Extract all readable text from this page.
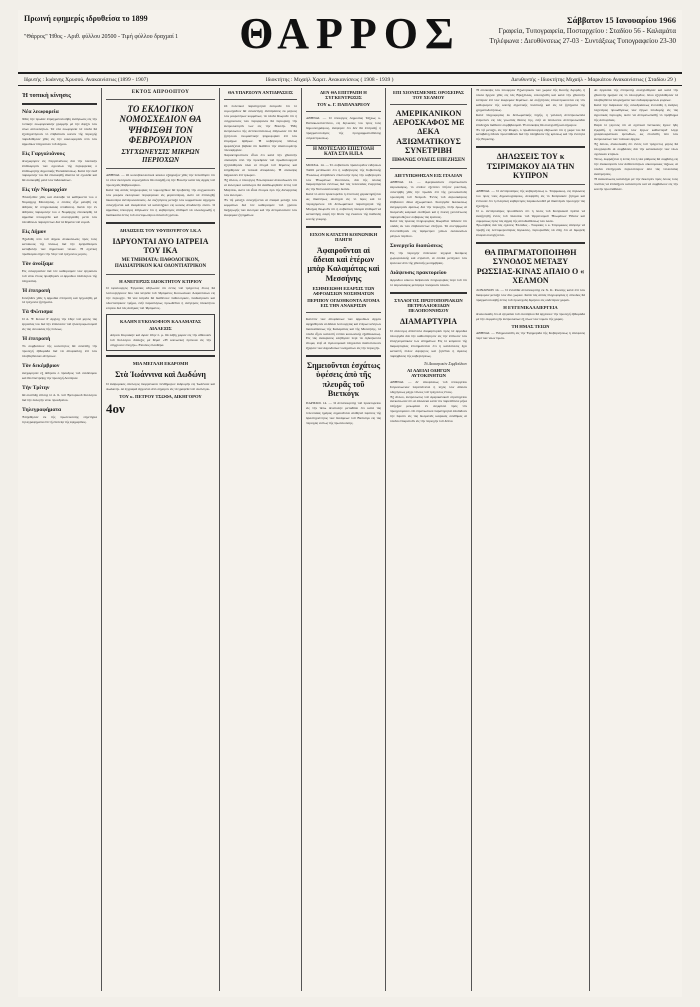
Πρωινή εφημερίς ιδρυθείσα τo 1899
"Θάρρος" Ήθος - Αριθ. φύλλου 20500 - Τιμή φύλλου δραχμαί 1	ΘΑΡΡΟΣ	Σάββατον 15 Ιανουαρίου 1966
Γραφεία, Τυπογραφεία, Ποσταρχείου : Σταδίου 56 - Καλαμάτα
Τηλέφωνα : Διευθύνσεως 27-03 · Συντάξεως Τυπογραφείου 23-30
Ιδρυτής : Ιωάννης Χρυσού. Ανακαινίσεως (1899 - 1907)	Ιδιοκτήτης : Μιχαήλ Χαριτ. Ανακαινίσεως ( 1908 - 1939 )	Διευθυντής - Ιδιοκτήτης Μιχαήλ - Μαρκάτου Ανακαινίσεως ( Σταδίου 29 )
Ἡ τοπικὴ κίνησις
Νέα λεωφορεία
Χθές τήν πρωΐαν ἐπραγματοποιήθη ἐκδήλωσις εἰς τήν τοπικήν λεωφορειακήν γραμμήν μέ τήν ἄφιξιν τῶν νέων αὐτοκινήτων. Τά νέα λεωφορεία τά ὁποῖα θά ἐξυπηρετήσουν τό ἐπιβατικόν κοινόν τῆς περιοχῆς παρεδόθησαν χθές εἰς τήν κυκλοφορίαν ὑπό τῶν ἁρμοδίων ὑπηρεσιῶν τοῦ Δήμου.
Εἰς Γαργαλιάνους
Ἀνεχώρησεν εἰς Γαργαλιάνους διά τήν τακτικήν ἐπιθεώρησιν τῶν σχολείων τῆς περιφερείας ὁ ἐπιθεωρητής Δημοτικῆς Ἐκπαιδεύσεως. Κατά τήν ἐκεῖ παραμονήν του θά ἐπισκεφθῇ ἅπαντα τά σχολεῖα καί θά συσκεφθῇ μετά τῶν διδασκάλων.
Εἰς τήν Νομαρχίαν
Ἐπανῆλθεν χθές καί ἀνέλαβε τά καθήκοντά του ὁ Νομάρχης Μεσσηνίας, ὁ ὁποῖος εἶχε μεταβῆ εἰς Ἀθήνας δι' ὑπηρεσιακάς ὑποθέσεις. Κατά τήν ἐν Ἀθήναις παραμονήν του ὁ Νομάρχης ἐπεσκέφθη τά ἁρμόδια ὑπουργεῖα καί συνειργάσθη μετά τῶν ὑπευθύνων παραγόντων διά τά θέματα τοῦ νομοῦ.
Εἰς Δήμον
Ἐξεδόθη ὑπό τοῦ Δήμου ἀνακοίνωσις πρός τούς κατοίκους τῆς πόλεως διά τήν ἐμπρόθεσμον καταβολήν τῶν δημοτικῶν τελῶν. Ἡ σχετική προθεσμία λήγει τήν 31ην τοῦ τρέχοντος μηνός.
Τὸν ἀνοίξαμε
Εἰς συνεργασίαν διά τόν καθορισμόν τῶν ἐργασιῶν τοῦ νέου ἔτους προέβησαν οἱ ἁρμόδιοι ὑπάλληλοι τῆς ὑπηρεσίας.
Ἡ ἐπιτροπὴ
Συνῆλθεν χθές ἡ ἁρμοδία ἐπιτροπή καί ἠσχολήθη μέ τά τρέχοντα ζητήματα.
Τὰ Φώτισμα
Ὁ Δ. Ψ. Κλουέ θ' ἀρχίσῃ τήν 16ην τοῦ μηνός τάς ἐργασίας του διά τήν ἐπέκτασιν τοῦ ἠλεκτροφωτισμοῦ εἰς τάς συνοικίας τῆς πόλεως.
Ἡ ἐπιτροπὴ
Τό συμβούλιον τῆς κοινότητος θά συνέλθῃ τήν προσεχῆ ἑβδομάδα διά νά ἀποφασίσῃ ἐπί τῶν ὑποβληθεισῶν αἰτήσεων.
Τὸν δεκέμβριον
ἀνεχώρησεν ἐξ Ἀθηνῶν ὁ πρόεδρος τοῦ συνδέσμου καί θά ἐπιστρέψῃ τήν προσεχῆ Δευτέραν.
Τὴν Τρίτην
θά συνέλθῃ ἐπίσης τό Δ. Σ. τοῦ Ἐμπορικοῦ Συλλόγου διά τήν ἐκλογήν νέου προεδρείου.
Τηλεγραφήματα
Ἐλήφθησαν ἐκ τῆς πρωτευούσης εὐχετήρια τηλεγραφήματα ἐπί τῇ ἐπετείῳ τῆς ἐφημερίδος.
ΕΚΤΟΣ ΑΠΡΟΟΠΤΟΥ
ΤΟ ΕΚΛΟΓΙΚΟΝ ΝΟΜΟΣΧΕΔΙΟΝ ΘΑ ΨΗΦΙΣΘΗ ΤΟΝ ΦΕΒΡΟΥΑΡΙΟΝ
ΣΥΓΧΩΝΕΥΣΙΣ ΜΙΚΡΩΝ ΠΕΡΙΟΧΩΝ
ΑΘΗΝΑΙ. — Οἱ κοινοβουλευτικοί κύκλοι ἐξέφραζον χθές τήν πεποίθησιν ὅτι τό νέον ἐκλογικόν νομοσχέδιον θά εἰσαχθῇ εἰς τήν Βουλήν κατά τάς ἀρχάς τοῦ προσεχοῦς Φεβρουαρίου.
Κατά τάς αὐτάς πληροφορίας τό νομοσχέδιον θά προβλέπῃ τήν συγχώνευσιν τῶν μικρῶν ἐκλογικῶν περιφερειῶν εἰς μεγαλυτέρας, ὥστε νά ἐπιτευχθῇ δικαιοτέρα ἀντιπροσώπευσις. Αἱ συζητήσεις μεταξύ τῶν κομματικῶν ἀρχηγῶν συνεχίζονται καί ἀναμένεται νά καταλήξουν εἰς κοινῶς ἀποδεκτήν λύσιν. Ὁ ἁρμόδιος ὑπουργός ἐδήλωσεν ὅτι ἡ κυβέρνησις ἐπιθυμεῖ νά ὁλοκληρωθῇ ἡ διαδικασία ἐντός τοῦ συντομωτέρου δυνατοῦ χρόνου.
ΔΗΛΩΣΕΙΣ ΤΟΥ ΥΦΥΠΟΥΡΓΟΥ Ι.Κ.Α
ΙΔΡΥΟΝΤΑΙ ΔΥΟ ΙΑΤΡΕΙΑ ΤΟΥ ΙΚΑ
ΜΕ ΤΜΗΜΑΤΑ: ΠΑΘΟΛΟΓΙΚΟΝ, ΠΑΙΔΙΑΤΡΙΚΟΝ ΚΑΙ ΟΔΟΝΤΙΑΤΡΙΚΟΝ
Η ΑΝΕΓΕΡΣΙΣ ΙΔΙΟΚΤΗΤΟΥ ΚΤΙΡΙΟΥ
Ὁ ὑφυπουργός Ἐργασίας ἐδήλωσεν ὅτι ἐντός τοῦ τρέχοντος ἔτους θά λειτουργήσουν δύο νέα ἰατρεῖα τοῦ Ἱδρύματος Κοινωνικῶν Ἀσφαλίσεων εἰς τήν περιοχήν. Τά νέα ἰατρεῖα θά διαθέτουν παθολογικόν, παιδιατρικόν καί ὀδοντιατρικόν τμῆμα, ἐνῷ παραλλήλως προωθεῖται ἡ ἀνέγερσις ἰδιοκτήτου κτιρίου διά τάς ἀνάγκας τοῦ Ἱδρύματος.
ΚΑΛΗΝ ΕΥΚΟΛΟΦΙΟΝ ΚΑΛΑΜΑΤΑΣ
ΔΙΑΛΕΞΙΣ
Αὔριον Κυριακήν καί ὥραν 10ην π. μ. θά λάβῃ χώραν εἰς τήν αἴθουσαν τοῦ Συλλόγου διάλεξις μέ θέμα: «Ἡ κοινωνική πρόνοια εἰς τήν σύγχρονον ἐποχήν». Εἴσοδος ἐλευθέρα.
ΜΙΑ ΜΕΓΑΛΗ ΕΚΔΡΟΜΗ
Στὰ Ἰωάννινα καὶ Δωδώνη
Ὁ ἐκδρομικός σύλλογος διοργανώνει πενθήμερον ἐκδρομήν εἰς Ἰωάννινα καί Δωδώνην. Αἱ ἐγγραφαί ἄρχονται ἀπό σήμερον εἰς τά γραφεῖα τοῦ συλλόγου.
ΤΟΥ κ. ΠΕΤΡΟΥ ΤΣΩΦΑ, ΔΙΚΗΓΟΡΟΥ
4ον
ΘΑ ΥΠΑΡΞΟΥΝ ΑΝΤΙΔΡΑΣΕΙΣ
Οἱ πολιτικοί παρατηρηταί ἐκτιμοῦν ὅτι τό νομοσχέδιον θά συναντήσῃ ἀντιδράσεις ἐκ μέρους τῶν μικροτέρων κομμάτων, τά ὁποῖα θεωροῦν ὅτι ἡ συγχώνευσις τῶν περιφερειῶν θά περιορίσῃ τήν ἐκπροσώπησίν των εἰς τήν Βουλήν. Ἤδη ἐκπρόσωποι τῆς ἀντιπολιτεύσεως ἐδήλωσαν ὅτι θά ζητήσουν ὀνομαστικήν ψηφοφορίαν ἐπί τῶν ἐπιμάχων ἄρθρων. Ἡ κυβέρνησις πάντως ἐμφανίζεται βεβαία ὅτι διαθέτει τήν ἀπαιτουμένην πλειοψηφίαν.
Χαρακτηριστικόν εἶναι ὅτι κατά τήν χθεσινήν σύσκεψιν ὑπό τήν προεδρίαν τοῦ πρωθυπουργοῦ ἐξητάσθησαν ὅλαι αἱ πτυχαί τοῦ θέματος καί ἐλήφθησαν αἱ τελικαί ἀποφάσεις. Ἡ σύσκεψις διήρκεσεν ἐπί τρίωρον.
Ἐξ ἄλλου, ὁ ὑπουργός Ἐσωτερικῶν ἀνεκοίνωσεν ὅτι αἱ ἐκλογικοί κατάλογοι θά ἀναθεωρηθοῦν ἐντός τοῦ Μαρτίου, ὥστε νά εἶναι ἕτοιμοι πρό τῆς διενεργείας τῶν ἐκλογῶν.
Ἐν τῷ μεταξύ συνεχίζονται αἱ ἐπαφαί μεταξύ τῶν κομμάτων διά τόν καθορισμόν τοῦ χρόνου διεξαγωγῆς τῶν ἐκλογῶν καί τήν ἀντιμετώπισιν τῶν ἐκκρεμῶν ζητημάτων.
ΔΕΝ ΘΑ ΕΠΙΤΡΑΠΗ Η ΣΥΓΚΕΝΤΡΩΣΙΣ
ΤΟΥ κ. Γ. ΠΑΠΑΝΔΡΕΟΥ
ΑΘΗΝΑΙ. — Ὁ ὑπουργός Δημοσίας Τάξεως κ. Παπακωνσταντίνου, εἰς δηλώσεις του πρός τούς δημοσιογράφους, ἀνέφερεν ὅτι δέν θά ἐπιτραπῇ ἡ πραγματοποίησις τῆς προγραμματισθείσης συγκεντρώσεως.
Η ΜΟΤΕΣΛΙΟ ΕΠΙΣΤΟΛΗ ΚΑΤΑ ΣΤΑ Η.Π.Α
ΜΟΣΧΑ. 14. — Τό σοβιετικόν πρακτορεῖον εἰδήσεων ΤΑΣΣ μετέδωσεν ὅτι ἡ κυβέρνησις τῆς Σοβιετικῆς Ἑνώσεως ἀπηύθυνεν ἐπιστολήν πρός τήν κυβέρνησιν τῶν Ἡνωμένων Πολιτειῶν, διά τῆς ὁποίας διαμαρτύρεται ἐντόνως διά τάς τελευταίας ἐνεργείας εἰς τήν Νοτιοανατολικήν Ἀσίαν.
Κατά τό αὐτό πρακτορεῖον ἡ ἐπιστολή χαρακτηρίζεται ὡς ἰδιαιτέρως αὐστηρά εἰς τό ὕφος καί τό περιεχόμενον. Οἱ διπλωματικοί παρατηρηταί τῆς Μόσχας θεωροῦν ὅτι ἡ σοβιετική πλευρά ἐπιθυμεῖ νά καταστήσῃ σαφῆ τήν θέσιν της ἐνώπιον τῆς διεθνοῦς κοινῆς γνώμης.
ΕΙΧΟΝ ΚΑΤΑΣΤΗ ΚΟΙΝΩΝΙΚΗ ΠΛΗΓΗ
Ἀφαιροῦνται αἱ ἄδειαι καὶ ἑτέρων μπὰρ Καλαμάτας καὶ Μεσσήνης
ΕΣΗΜΕΙΩΘΗ ΕΞΑΡΣΙΣ ΤΩΝ ΑΦΡΟΔΙΣΙΩΝ ΝΟΣΗΜΑΤΩΝ
ΠΕΡΙΠΟΥ ΟΓΔΟΗΚΟΝΤΑ ΑΤΟΜΑ ΕΙΣ ΤΗΝ ΑΝΑΚΡΙΣΙΝ
Κατόπιν τῶν ἀποφάσεων τῶν ἁρμοδίων ἀρχῶν ἀφῃρέθησαν αἱ ἄδειαι λειτουργίας καί ἑτέρων κέντρων διασκεδάσεως τῆς Καλαμάτας καί τῆς Μεσσήνης, τά ὁποῖα εἶχον καταστῆ ἑστίαι κοινωνικῆς ἐξαθλιώσεως. Εἰς τάς ἀνακρίσεις κλήθησαν περί τά ὀγδοήκοντα ἄτομα, ἐνῷ αἱ ὑγειονομικαί ὑπηρεσίαι διαπιστώνουν ἔξαρσιν τῶν ἀφροδισίων νοσημάτων εἰς τήν περιοχήν.
Σημειοῦνται ἐσχάτως ὑφέσεις ἀπὸ τῆς πλευρᾶς τοῦ Βιετκόγκ
ΠΑΡΙΣΙΟΙ. 14. — Ὁ ἀνταποκριτής τοῦ πρακτορείου εἰς τήν Ἄπω Ἀνατολήν μεταδίδει ὅτι κατά τάς τελευταίας ἡμέρας σημειοῦνται αἰσθηταί ὑφέσεις τῆς δραστηριότητος τῶν δυνάμεων τοῦ Βιετκόγκ εἰς τάς περιοχάς νοτίως τῆς πρωτευούσης.
ΕΠΙ ΧΙΟΝΙΣΜΕΝΗΣ ΟΡΟΣΕΙΡΑΣ ΤΟΥ ΧΕΛΜΟΥ
ΑΜΕΡΙΚΑΝΙΚΟΝ ΑΕΡΟΣΚΑΦΟΣ ΜΕ ΔΕΚΑ ΑΞΙΩΜΑΤΙΚΟΥΣ ΣΥΝΕΤΡΙΒΗ
ΠΙΘΑΝΩΣ ΟΥΔΕΙΣ ΕΠΕΖΗΣΕΝ
ΔΙΕΤΥΠΩΘΗΣΑΝ ΕΙΣ ΙΤΑΛΙΑΝ
ΑΘΗΝΑΙ. 14. — Ἀμερικανικόν στρατιωτικόν ἀεροσκάφος, τό ὁποῖον ἐξετέλει πτῆσιν ρουτίνας, συνετρίβη χθές τήν πρωΐαν ἐπί τῆς χιονοσκεποῦς ὀροσειρᾶς τοῦ Χελμοῦ. Ἐντός τοῦ ἀεροσκάφους ἐπέβαινον δέκα ἀξιωματικοί. Συνεργεῖα διασώσεως ἀνεχώρησαν ἀμέσως διά τήν περιοχήν, πλήν ὅμως αἱ δυσμενεῖς καιρικαί συνθῆκαι καί ἡ πυκνή χιονόπτωσις παρεμποδίζουν σοβαρῶς τάς ἐρεύνας.
Κατά τάς πρώτας πληροφορίας θεωρεῖται πιθανόν ὅτι οὐδείς ἐκ τῶν ἐπιβαινόντων ἐπέζησε. Τά συντρίμματα ἐντοπίσθησαν εἰς ὑψόμετρον χιλίων ὀκτακοσίων μέτρων περίπου.
Συνεργεῖα διασώσεως
Εἰς τήν περιοχήν ἔσπευσαν ἰσχυραί δυνάμεις χωροφυλακῆς καί στρατοῦ, αἱ ὁποῖαι μετέχουν τῶν ἐρευνῶν ἀπό τῆς χθεσινῆς μεσημβρίας.
Διάψευσις πρακτορείου
Ἁρμόδιοι κύκλοι διέψευσαν πληροφορίας περί τοῦ ὅτι τό ἀεροσκάφος μετέφερε πολεμικόν ὑλικόν.
ΣΥΛΛΟΓΟΣ ΠΡΩΤΟΠΟΡΙΑΚΩΝ ΠΕΤΡΕΛΑΙΟΕΙΔΩΝ ΠΕΛΟΠΟΝΝΗΣΟΥ
ΔΙΑΜΑΡΤΥΡΙΑ
Ὁ σύλλογος ἀπέστειλε διαμαρτυρίαν πρός τά ἁρμόδια ὑπουργεῖα διά τήν καθυστέρησιν εἰς τήν ἐπίλυσιν τῶν ἐπαγγελματικῶν των αἰτημάτων. Εἰς τό κείμενον τῆς διαμαρτυρίας ἐπισημαίνεται ὅτι ἡ κατάστασις ἔχει καταστῆ πλέον ἀφόρητος καί ζητεῖται ἡ ἄμεσος παρέμβασις τῆς κυβερνήσεως.
Τό Διοικητικόν Συμβούλιον
ΑΙ ΑΔΕΙΑΙ ΟΔΗΓΩΝ ΑΥΤΟΚΙΝΗΤΩΝ
ΑΘΗΝΑΙ. — Δι' ἀποφάσεως τοῦ ὑπουργείου Συγκοινωνιῶν παρατείνεται ἡ ἰσχύς τῶν ἀδειῶν ὁδηγήσεως μέχρι τέλους τοῦ τρέχοντος ἔτους.
Ἐξ ἄλλου, ἐκπρόσωπος τοῦ ἀμερικανικοῦ στρατηγείου ἀνεκοίνωσεν ὅτι αἱ ἀπώλειαι κατά τόν παρελθόντα μῆνα ὑπῆρξαν μειωμέναι ἐν συγκρίσει πρός τόν προηγούμενον. Οἱ στρατιωτικοί παρατηρηταί ἀποδίδουν τήν ὕφεσιν εἰς τάς δυσμενεῖς καιρικάς συνθήκας αἱ ὁποῖαι ἐπικρατοῦν εἰς τήν περιοχήν τοῦ δέλτα.
Ἡ σύσκεψις τῶν ὑπουργῶν Ἐξωτερικῶν τῶν χωρῶν τῆς Κοινῆς Ἀγορᾶς, ἡ ὁποία ἤρχισε χθές εἰς τάς Βρυξέλλας, ἐσυνεχίσθη καί κατά τήν χθεσινήν ἑσπέραν ἐπί τῶν ἐκκρεμῶν θεμάτων. Αἱ συζητήσεις ἐπικεντρώνονται εἰς τόν καθορισμόν τῆς κοινῆς ἀγροτικῆς πολιτικῆς καί εἰς τά ζητήματα τῆς χρηματοδοτήσεως.
Κατά πληροφορίας ἐκ διπλωματικῆς πηγῆς, ἡ γαλλική ἀντιπροσωπεία ἐνέμεινεν εἰς τάς γνωστάς θέσεις της, ἐνῷ αἱ ὑπόλοιποι ἀντιπροσωπεῖαι ἐπέδειξαν διάθεσιν συμβιβασμοῦ. Ἡ σύσκεψις θά συνεχισθῇ καί σήμερον.
Ἐν τῷ μεταξύ, εἰς τήν Ρώμην, ὁ πρωθυπουργός ἐδήλωσεν ὅτι ἡ χώρα του θά καταβάλῃ πᾶσαν προσπάθειαν διά τήν ὑπέρβασιν τῆς κρίσεως καί τήν ἑνότητα τῆς Εὐρώπης.
ΔΗΛΩΣΕΙΣ ΤΟΥ κ ΤΣΙΡΙΜΩΚΟΥ ΔΙΑ ΤΗΝ ΚΥΠΡΟΝ
ΑΘΗΝΑΙ. — Ὁ ἀντιπρόεδρος τῆς κυβερνήσεως κ. Τσιριμῶκος, εἰς δηλώσεις του πρός τούς δημοσιογράφους, ἀνεφέρθη εἰς τό Κυπριακόν ζήτημα καί ἐτόνισεν ὅτι ἡ ἑλληνική κυβέρνησις παρακολουθεῖ μέ ἰδιαιτέραν προσοχήν τάς ἐξελίξεις.
Ὁ κ. ἀντιπρόεδρος προσέθεσεν ὅτι ἡ λύσις τοῦ Κυπριακοῦ πρέπει νά ἀναζητηθῇ ἐντός τοῦ πλαισίου τοῦ Ὀργανισμοῦ Ἡνωμένων Ἐθνῶν καί συμφώνως πρός τάς ἀρχάς τῆς αὐτοδιαθέσεως τῶν λαῶν.
Ἐρωτηθείς διά τάς σχέσεις Ἑλλάδος - Τουρκίας ὁ κ. Τσιριμῶκος ἀπέφυγε νά προβῇ εἰς λεπτομερεστέρας δηλώσεις, περιορισθείς νά εἴπῃ ὅτι αἱ διμερεῖς ἐπαφαί συνεχίζονται.
ΘΑ ΠΡΑΓΜΑΤΟΠΟΙΗΘΗ ΣΥΝΟΔΟΣ ΜΕΤΑΞΥ ΡΩΣΣΙΑΣ-ΚΙΝΑΣ ΑΠΑΙΟ Ο « ΧΕΛΜΟΝ
ΛΟΝΔΙΝΟΝ 14. — Ὁ ἐνταῦθα ἀνταποκριτής ἐκ Χ. Κ. Ρώσσης κατά ἐπί τῶν διαφορῶν μεταξύ τῶν δύο χωρῶν. Κατά τάς αὐτάς πληροφορίας ἡ σύνοδος θά πραγματοποιηθῇ ἐντός τοῦ προσεχοῦς διμήνου εἰς οὐδετέραν χώραν.
Η ΕΥΓΕΝΙΚΑΛΛΙΕΡΓΕΙΑ
Ἀνεκοινώθη ὅτι αἱ ἐργασίαι τοῦ συνεδρίου θά ἀρχίσουν τήν προσεχῆ ἑβδομάδα μέ τήν συμμετοχήν ἐκπροσώπων ἐξ ὅλων τῶν νομῶν τῆς χώρας.
ΤΗ ΗΜΑΣ ΤΕΙΩΝ
ΑΘΗΝΑΙ. — Ἐδημοσιεύθη εἰς τήν Ἐφημερίδα τῆς Κυβερνήσεως ἡ ἀπόφασις περί τῶν νέων τιμῶν.
Αἱ ἐργασίαι τῆς ἐπιτροπῆς συνεχίσθησαν καί κατά τήν χθεσινήν ἡμέραν εἰς τό ὑπουργεῖον, ὅπου ἐξητάσθησαν τά ὑποβληθέντα ὑπομνήματα τῶν ἐνδιαφερομένων φορέων.
Κατά τήν διάρκειαν τῆς συνεδριάσεως ἐτονίσθη ἡ ἀνάγκη ταχυτέρας προωθήσεως τῶν ἔργων ὑποδομῆς εἰς τάς ἀγροτικάς περιοχάς, ὥστε νά ἀντιμετωπισθῇ τό πρόβλημα τῆς ἀστυφιλίας.
Παρά τό γεγονός ὅτι αἱ σχετικαί πιστώσεις ἔχουν ἤδη ἐγκριθῆ, ἡ ἐκτέλεσις τῶν ἔργων καθυστερεῖ λόγῳ γραφειοκρατικῶν ἐμποδίων, ὡς ἐτονίσθη ὑπό τῶν ἐκπροσώπων τῶν τοπικῶν ἀρχῶν.
Ἐξ ἄλλου, ἀνεκοινώθη ὅτι ἐντός τοῦ τρέχοντος μηνός θά ὑπογραφοῦν αἱ συμβάσεις διά τήν κατασκευήν τῶν νέων σχολικῶν κτιρίων.
Τέλος, ἐκφράζεται ἡ ἐλπίς ὅτι ἡ νέα ρύθμισις θά συμβάλῃ εἰς τήν ἀνακούφισιν τῶν ἀσθενεστέρων οἰκονομικῶς τάξεων, αἱ ὁποῖαι ἐπλήγησαν περισσότερον ἀπό τάς τελευταίας ἀνατιμήσεις.
Ἡ ἀνακοίνωσις καταλήγει μέ τήν ἔκκλησιν πρός ὅλους τούς πολίτας νά ἐπιδείξουν κατανόησιν καί νά συμβάλουν εἰς τήν κοινήν προσπάθειαν.
